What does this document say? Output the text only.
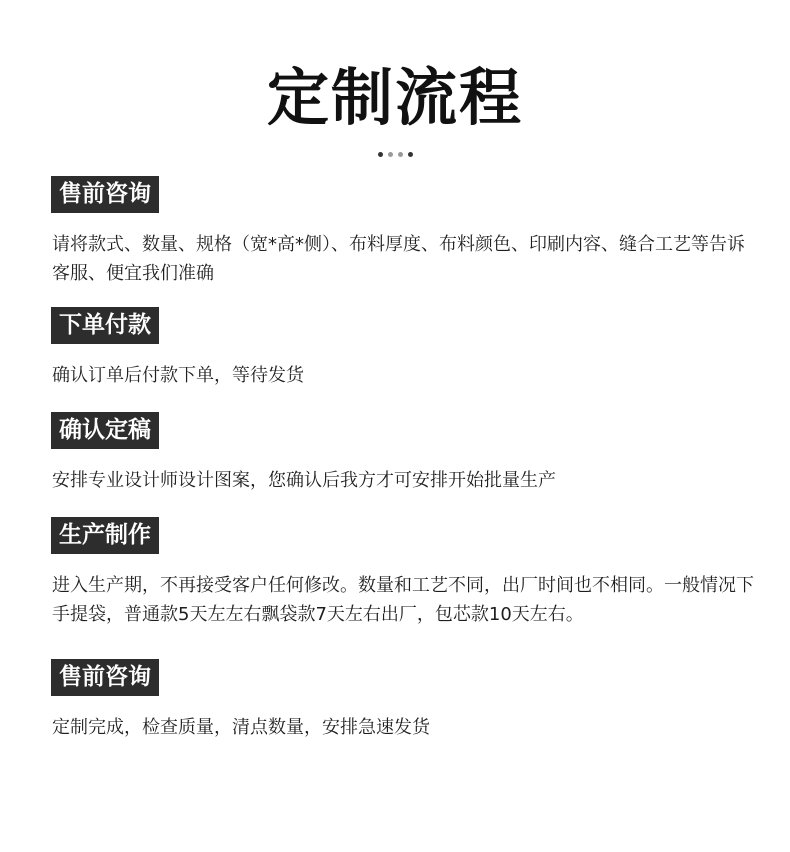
定制流程
售前咨询
请将款式、数量、规格（宽*高*侧）、布料厚度、布料颜色、印刷内容、缝合工艺等告诉客服、便宜我们准确
下单付款
确认订单后付款下单，等待发货
确认定稿
安排专业设计师设计图案，您确认后我方才可安排开始批量生产
生产制作
进入生产期，不再接受客户任何修改。数量和工艺不同，出厂时间也不相同。一般情况下手提袋，普通款5天左左右飘袋款7天左右出厂，包芯款10天左右。
售前咨询
定制完成，检查质量，清点数量，安排急速发货
